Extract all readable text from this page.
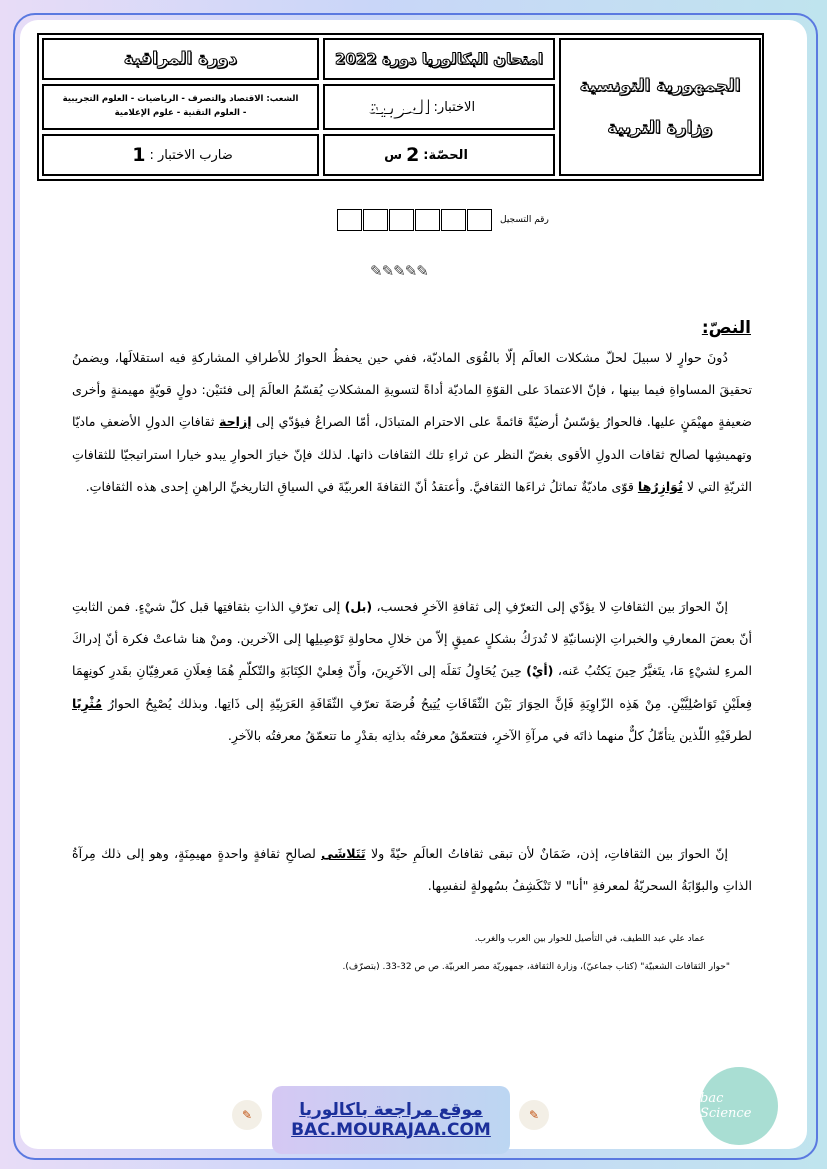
الجمهورية التونسية
وزارة التربية
امتحان البكالوريا دورة 2022
دورة المراقبة
الاختبار:
العربية
الشعب: الاقتصاد والتصرف - الرياضيات - العلوم التجريبية
- العلوم التقنية - علوم الإعلامية
الحصّة:
2
س
ضارب الاختبار :
1
رقم التسجيل
✎✎✎✎✎
النصّ:
دُونَ حوارٍ لا سبيلَ لحلّ مشكلات العالَم إلّا بالقُوَى الماديّة، ففي حين يحفظُ الحوارُ للأطرافِ المشاركةِ فيه استقلالَها، ويضمنُ تحقيقَ المساواةِ فيما بينها ، فإنّ الاعتمادَ على القوّةِ الماديّة أداةً لتسويةِ المشكلاتِ يُقسّمُ العالَمَ إلى فئتيْن: دولٍ قويّةٍ مهيمنةٍ وأخرى ضعيفةٍ مهيْمَنٍ عليها. فالحوارُ يؤسّسُ أرضيّةً قائمةً على الاحترام المتبادَل، أمّا الصراعُ فيؤدّي إلى إزاحة ثقافاتِ الدولِ الأضعفِ ماديّا وتهميشِها لصالح ثقافات الدولِ الأقوى بغضّ النظر عن ثراءِ تلك الثقافات ذاتها. لذلك فإنّ خيارَ الحوارِ يبدو خيارا استراتيجيّا للثقافاتِ الثريّةِ التي لا تُوَازِرُها قوّى ماديّةٌ تماثلُ ثراءَها الثقافيَّ. وأعتقدُ أنّ الثقافةَ العربيّةَ في السياقِ التاريخيِّ الراهنِ إحدى هذه الثقافاتِ.
إنّ الحوارَ بين الثقافاتِ لا يؤدّي إلى التعرّفِ إلى ثقافةِ الآخرِ فحسب، (بل) إلى تعرّفِ الذاتِ بثقافتِها قبل كلّ شيْءٍ. فمن الثابتِ أنّ بعضَ المعارفِ والخبراتِ الإنسانيّةِ لا تُدرَكُ بشكلٍ عميقٍ إلاّ من خلالِ محاولةِ تَوْصِيلِها إلى الآخرين. ومنْ هنا شاعتْ فكرة أنّ إدراكَ المرءِ لشيْءٍ مَا، يتَغيَّرُ حِينَ يَكتُبُ عَنه، (أيْ) حِينَ يُحَاوِلُ نَقلَه إلى الآخَرِينَ، وأَنّ فِعليْ الكِتَابَةِ والتّكلّمِ هُمَا فِعلَانِ مَعرفِيّانِ بقَدرِ كونِهِمَا فِعلَيْنِ تَوَاصُلِيَّيْنِ. مِنْ هَذِه الزّاوِيَةِ فَإنَّ الحِوَارَ بَيْنَ الثّقَافَاتِ يُتِيحُ فُرصَةَ تعرّفِ الثّقَافَةِ العَرَبِيّةِ إلى ذَاتِها. وبذلك يُصْبِحُ الحوارُ مُثْرِيًا لطرفَيْهِ اللّذين يتأمّلُ كلٌّ منهما ذاتَه في مرآةِ الآخرِ، فتتعمّقُ معرفتُه بذاتِه بقدْرِ ما تتعمّقُ معرفتُه بالآخرِ.
إنّ الحوارَ بين الثقافاتِ، إذن، ضَمَانٌ لأن تبقى ثقافاتُ العالَمِ حيّةً ولا تَتَلاشَى لصالحِ ثقافةٍ واحدةٍ مهيمِنَةٍ، وهو إلى ذلك مِرآةُ الذاتِ والبوّابَةُ السحريّةُ لمعرفةِ "أنا" لا تَنْكَشِفُ بسُهولةٍ لنفسِها.
عماد علي عبد اللطيف، في التأصيل للحوار بين العرب والغرب.
"حوار الثقافات الشعبيّة" (كتاب جماعيّ)، وزارة الثقافة، جمهوريّة مصر العربيّة. ص ص 32-33. (بتصرّف).
✎	✎
موقع مراجعة باكالوريا
BAC.MOURAJAA.COM
bac Science
